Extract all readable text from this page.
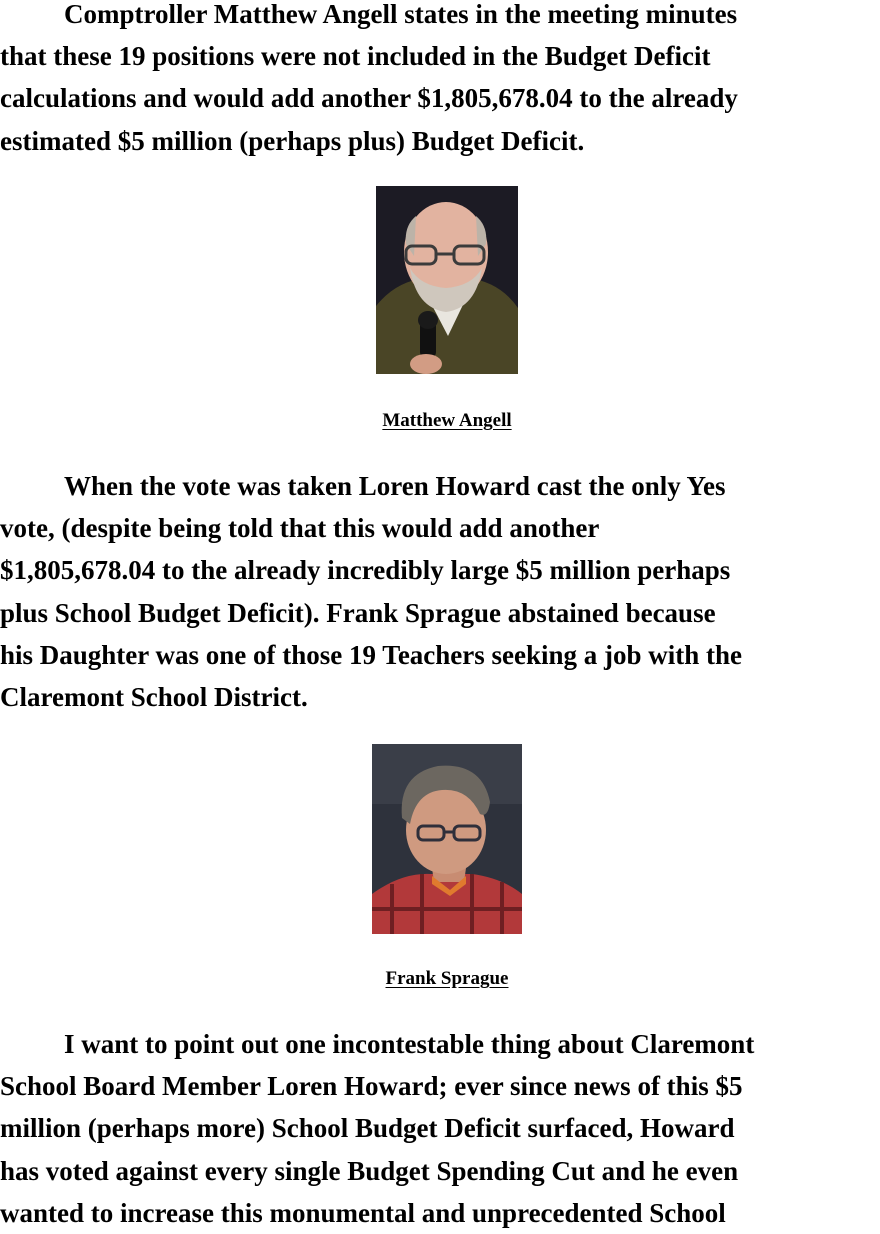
Comptroller Matthew Angell states in the meeting minutes
that these 19 positions were not included in the Budget Deficit
calculations and would add another $1,805,678.04 to the already
estimated $5 million (perhaps plus) Budget Deficit.

Matthew Angell

When the vote was taken Loren Howard cast the only Yes
vote, (despite being told that this would add another
$1,805,678.04 to the already incredibly large $5 million perhaps
plus School Budget Deficit). Frank Sprague abstained because
his Daughter was one of those 19 Teachers seeking a job with the
Claremont School District.

Frank Sprague

I want to point out one incontestable thing about Claremont
School Board Member Loren Howard; ever since news of this $5
million (perhaps more) School Budget Deficit surfaced, Howard
has voted against every single Budget Spending Cut and he even
wanted to increase this monumental and unprecedented School
